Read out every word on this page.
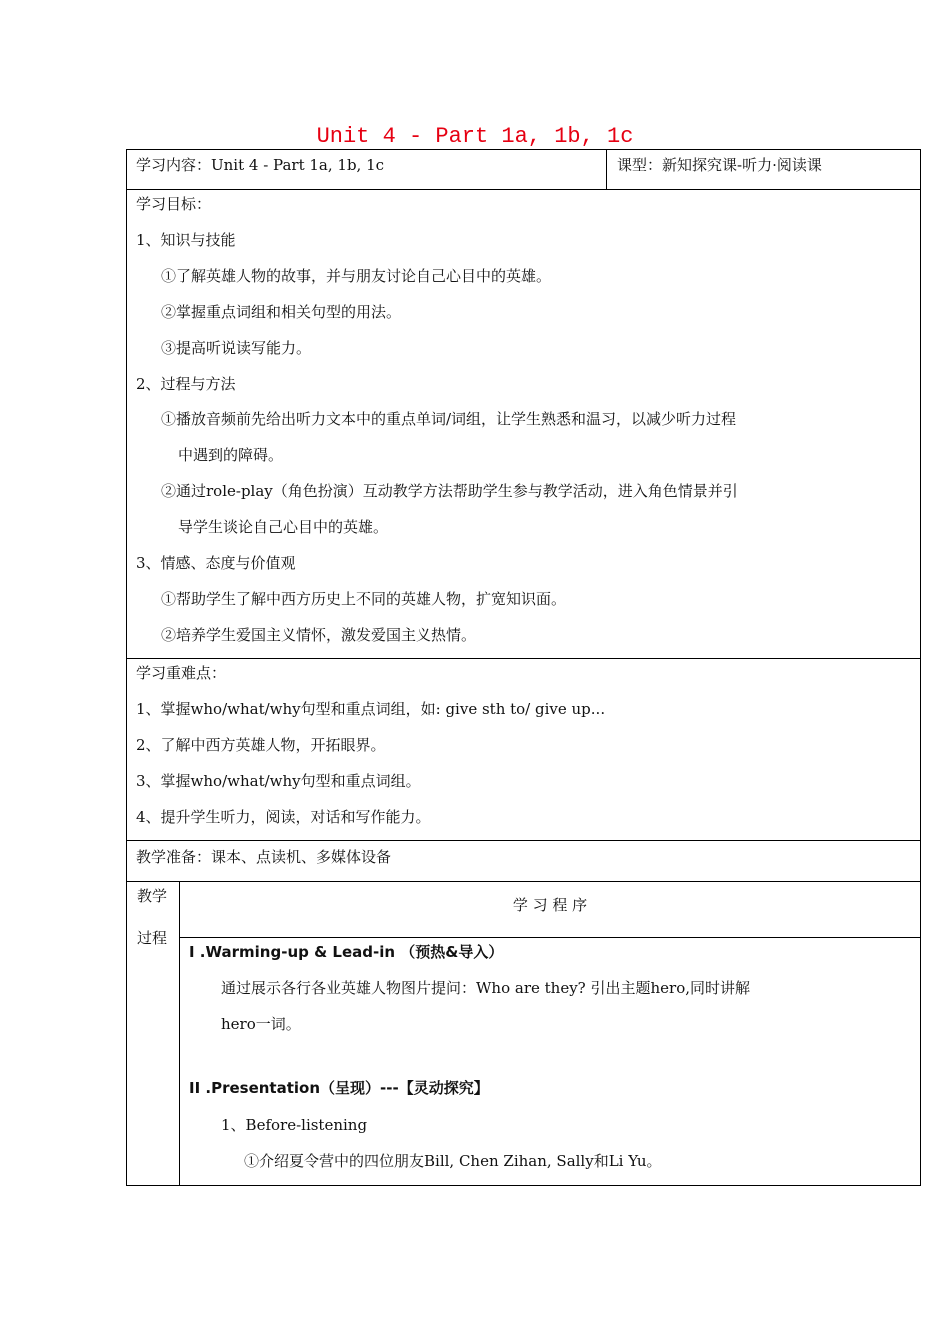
Unit 4 - Part 1a, 1b, 1c
学习内容：Unit 4 - Part 1a, 1b, 1c	课型：新知探究课-听力·阅读课
学习目标：
1、知识与技能
①了解英雄人物的故事，并与朋友讨论自己心目中的英雄。
②掌握重点词组和相关句型的用法。
③提高听说读写能力。
2、过程与方法
①播放音频前先给出听力文本中的重点单词/词组，让学生熟悉和温习，以减少听力过程
中遇到的障碍。
②通过role-play（角色扮演）互动教学方法帮助学生参与教学活动，进入角色情景并引
导学生谈论自己心目中的英雄。
3、情感、态度与价值观
①帮助学生了解中西方历史上不同的英雄人物，扩宽知识面。
②培养学生爱国主义情怀，激发爱国主义热情。
学习重难点：
1、掌握who/what/why句型和重点词组，如: give sth to/ give up...
2、了解中西方英雄人物，开拓眼界。
3、掌握who/what/why句型和重点词组。
4、提升学生听力，阅读，对话和写作能力。
教学准备：课本、点读机、多媒体设备
教学
过程
学 习 程 序
I .Warming-up & Lead-in （预热&导入）
通过展示各行各业英雄人物图片提问：Who are they? 引出主题hero,同时讲解
hero一词。
II .Presentation（呈现）---【灵动探究】
1、Before-listening
①介绍夏令营中的四位朋友Bill, Chen Zihan, Sally和Li Yu。
